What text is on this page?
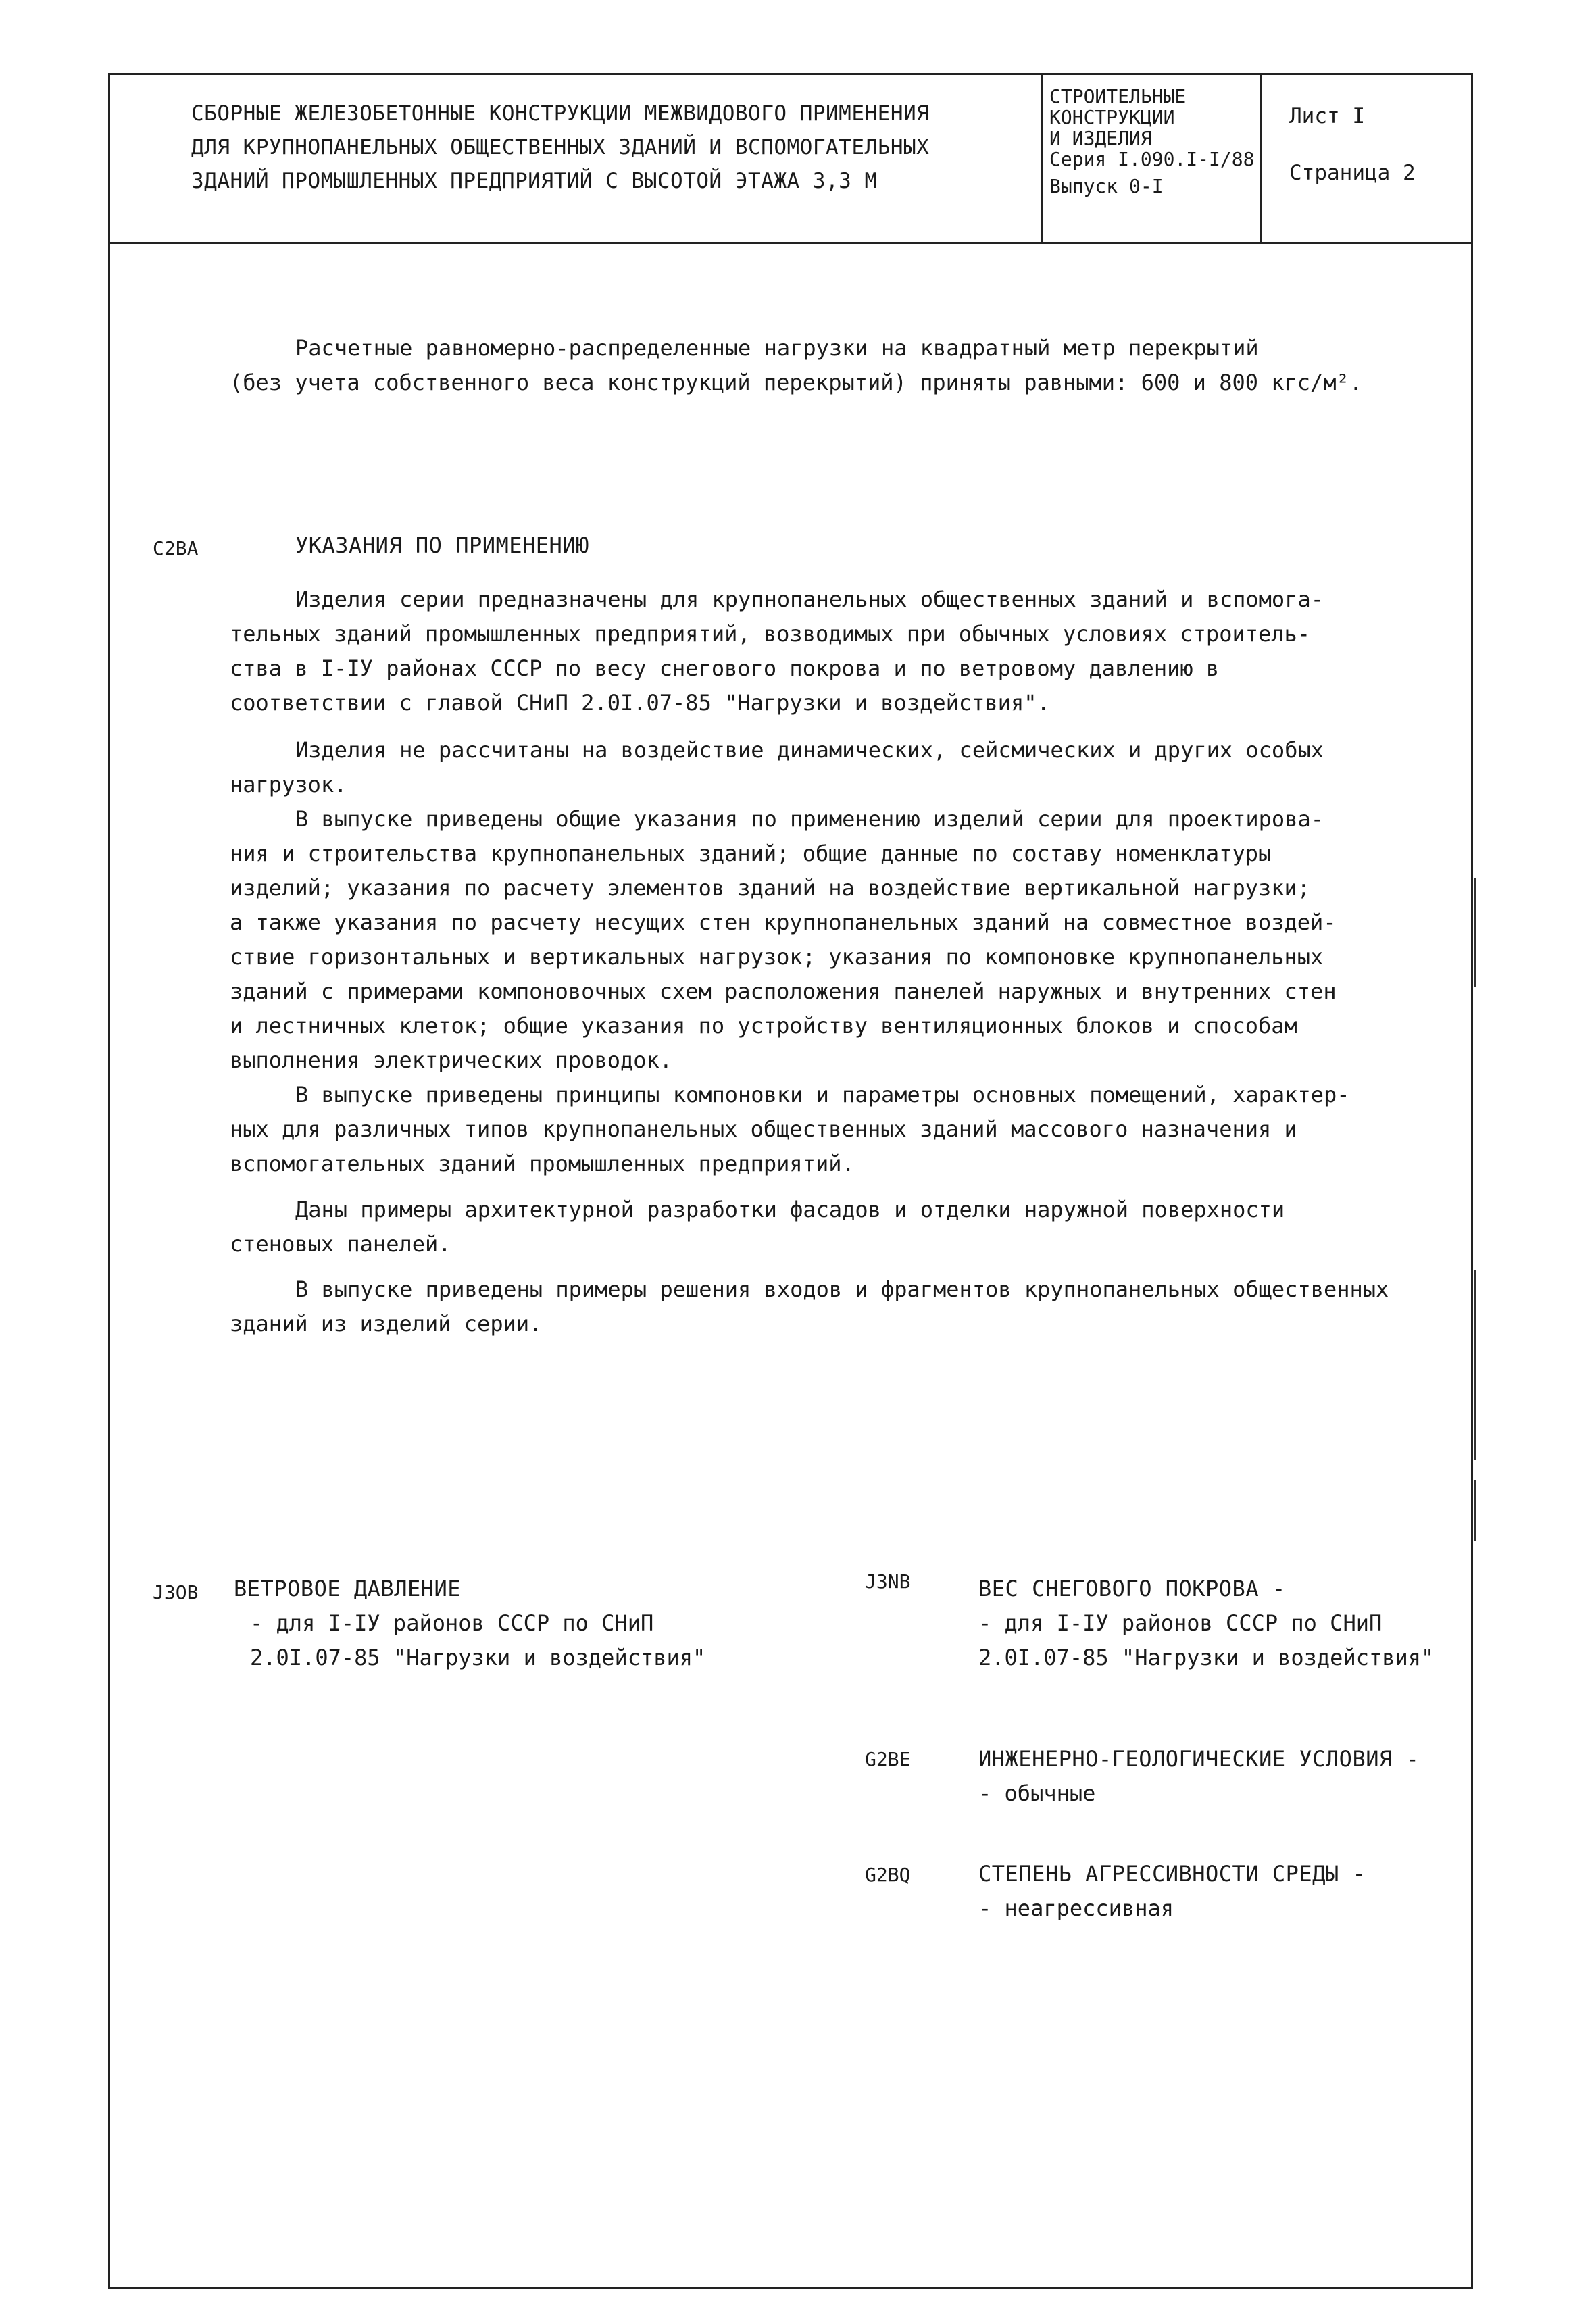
СБОРНЫЕ ЖЕЛЕЗОБЕТОННЫЕ КОНСТРУКЦИИ МЕЖВИДОВОГО ПРИМЕНЕНИЯ
ДЛЯ КРУПНОПАНЕЛЬНЫХ ОБЩЕСТВЕННЫХ ЗДАНИЙ И ВСПОМОГАТЕЛЬНЫХ
ЗДАНИЙ ПРОМЫШЛЕННЫХ ПРЕДПРИЯТИЙ С ВЫСОТОЙ ЭТАЖА 3,3 М
СТРОИТЕЛЬНЫЕ
КОНСТРУКЦИИ
И ИЗДЕЛИЯ
Серия I.090.I-I/88
Выпуск 0-I
Лист I
Страница 2
Расчетные равномерно-распределенные нагрузки на квадратный метр перекрытий
(без учета собственного веса конструкций перекрытий) приняты равными: 600 и 800 кгс/м².
C2BA	УКАЗАНИЯ ПО ПРИМЕНЕНИЮ
Изделия серии предназначены для крупнопанельных общественных зданий и вспомога-
тельных зданий промышленных предприятий, возводимых при обычных условиях строитель-
ства в I-IУ районах СССР по весу снегового покрова и по ветровому давлению в
соответствии с главой СНиП 2.0I.07-85 "Нагрузки и воздействия".
Изделия не рассчитаны на воздействие динамических, сейсмических и других особых
нагрузок.
В выпуске приведены общие указания по применению изделий серии для проектирова-
ния и строительства крупнопанельных зданий; общие данные по составу номенклатуры
изделий; указания по расчету элементов зданий на воздействие вертикальной нагрузки;
а также указания по расчету несущих стен крупнопанельных зданий на совместное воздей-
ствие горизонтальных и вертикальных нагрузок; указания по компоновке крупнопанельных
зданий с примерами компоновочных схем расположения панелей наружных и внутренних стен
и лестничных клеток; общие указания по устройству вентиляционных блоков и способам
выполнения электрических проводок.
В выпуске приведены принципы компоновки и параметры основных помещений, характер-
ных для различных типов крупнопанельных общественных зданий массового назначения и
вспомогательных зданий промышленных предприятий.
Даны примеры архитектурной разработки фасадов и отделки наружной поверхности
стеновых панелей.
В выпуске приведены примеры решения входов и фрагментов крупнопанельных общественных
зданий из изделий серии.
J3OB ВЕТРОВОЕ ДАВЛЕНИЕ
- для I-IУ районов СССР по СНиП
2.0I.07-85 "Нагрузки и воздействия"
J3NB	ВЕС СНЕГОВОГО ПОКРОВА -
- для I-IУ районов СССР по СНиП
2.0I.07-85 "Нагрузки и воздействия"
G2BE	ИНЖЕНЕРНО-ГЕОЛОГИЧЕСКИЕ УСЛОВИЯ -
- обычные
G2BQ	СТЕПЕНЬ АГРЕССИВНОСТИ СРЕДЫ -
- неагрессивная
